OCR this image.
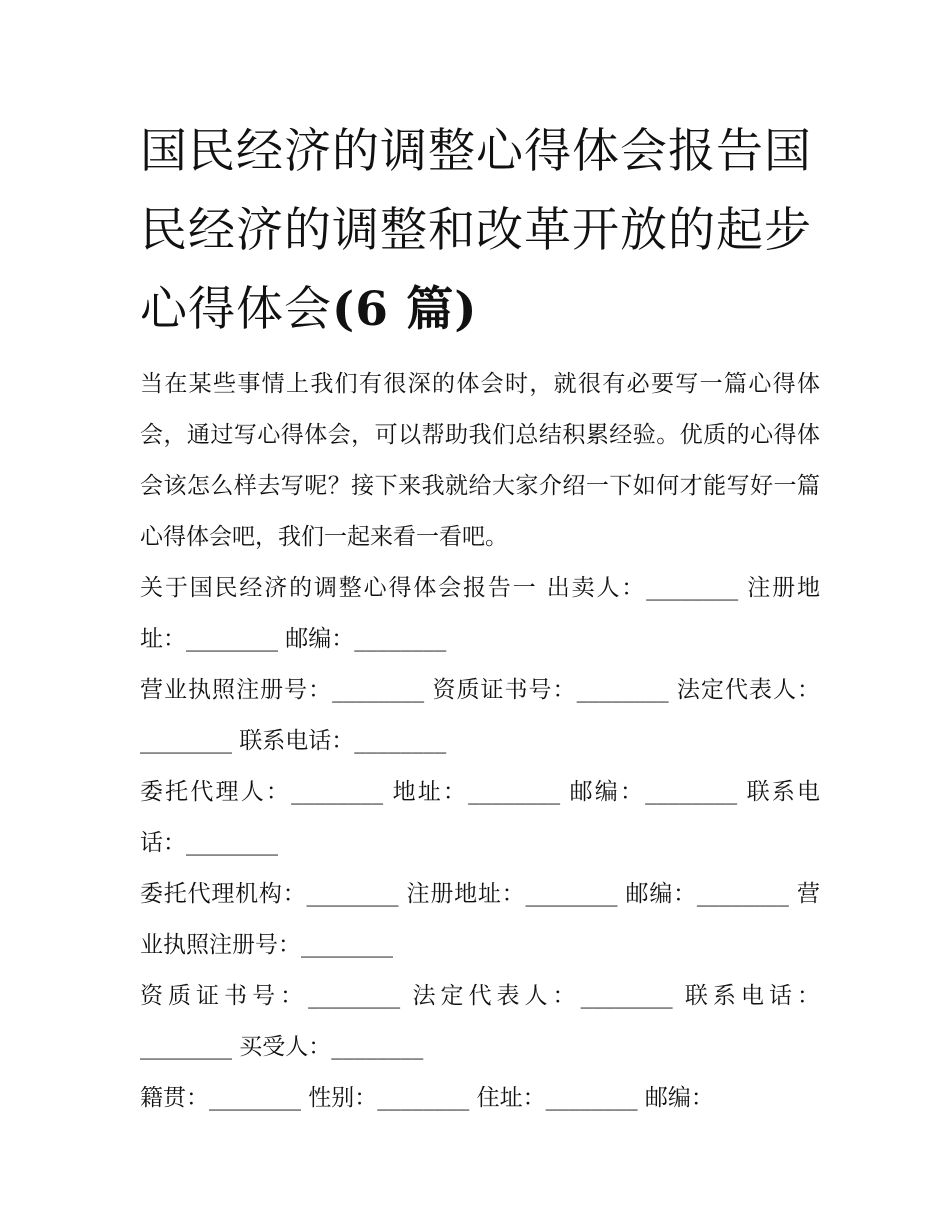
国民经济的调整心得体会报告国民经济的调整和改革开放的起步心得体会(6 篇)

当在某些事情上我们有很深的体会时，就很有必要写一篇心得体会，通过写心得体会，可以帮助我们总结积累经验。优质的心得体会该怎么样去写呢？接下来我就给大家介绍一下如何才能写好一篇心得体会吧，我们一起来看一看吧。

关于国民经济的调整心得体会报告一 出卖人：________ 注册地址：________ 邮编：________

营业执照注册号：________ 资质证书号：________ 法定代表人：________ 联系电话：________

委托代理人：________ 地址：________ 邮编：________ 联系电话：________

委托代理机构：________ 注册地址：________ 邮编：________ 营业执照注册号：________

资质证书号：________ 法定代表人：________ 联系电话：________ 买受人：________

籍贯：________ 性别：________ 住址：________ 邮编：
